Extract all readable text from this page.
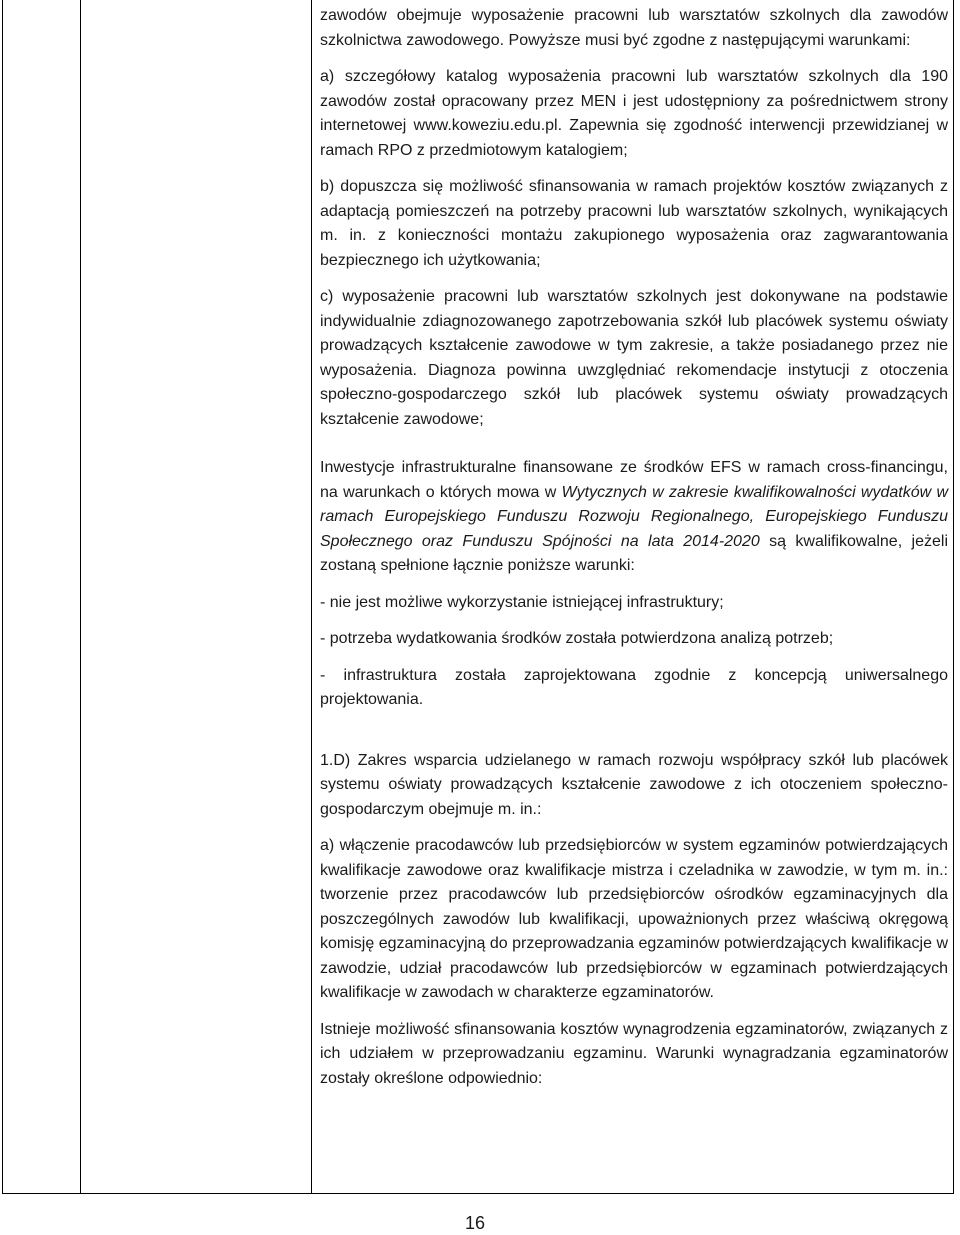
zawodów obejmuje wyposażenie pracowni lub warsztatów szkolnych dla zawodów szkolnictwa zawodowego. Powyższe musi być zgodne z następującymi warunkami:

a) szczegółowy katalog wyposażenia pracowni lub warsztatów szkolnych dla 190 zawodów został opracowany przez MEN i jest udostępniony za pośrednictwem strony internetowej www.koweziu.edu.pl. Zapewnia się zgodność interwencji przewidzianej w ramach RPO z przedmiotowym katalogiem;

b) dopuszcza się możliwość sfinansowania w ramach projektów kosztów związanych z adaptacją pomieszczeń na potrzeby pracowni lub warsztatów szkolnych, wynikających m. in. z konieczności montażu zakupionego wyposażenia oraz zagwarantowania bezpiecznego ich użytkowania;

c) wyposażenie pracowni lub warsztatów szkolnych jest dokonywane na podstawie indywidualnie zdiagnozowanego zapotrzebowania szkół lub placówek systemu oświaty prowadzących kształcenie zawodowe w tym zakresie, a także posiadanego przez nie wyposażenia. Diagnoza powinna uwzględniać rekomendacje instytucji z otoczenia społeczno-gospodarczego szkół lub placówek systemu oświaty prowadzących kształcenie zawodowe;

Inwestycje infrastrukturalne finansowane ze środków EFS w ramach cross-financingu, na warunkach o których mowa w Wytycznych w zakresie kwalifikowalności wydatków w ramach Europejskiego Funduszu Rozwoju Regionalnego, Europejskiego Funduszu Społecznego oraz Funduszu Spójności na lata 2014-2020 są kwalifikowalne, jeżeli zostaną spełnione łącznie poniższe warunki:

- nie jest możliwe wykorzystanie istniejącej infrastruktury;

- potrzeba wydatkowania środków została potwierdzona analizą potrzeb;

- infrastruktura została zaprojektowana zgodnie z koncepcją uniwersalnego projektowania.

1.D) Zakres wsparcia udzielanego w ramach rozwoju współpracy szkół lub placówek systemu oświaty prowadzących kształcenie zawodowe z ich otoczeniem społeczno-gospodarczym obejmuje m. in.:

a) włączenie pracodawców lub przedsiębiorców w system egzaminów potwierdzających kwalifikacje zawodowe oraz kwalifikacje mistrza i czeladnika w zawodzie, w tym m. in.: tworzenie przez pracodawców lub przedsiębiorców ośrodków egzaminacyjnych dla poszczególnych zawodów lub kwalifikacji, upoważnionych przez właściwą okręgową komisję egzaminacyjną do przeprowadzania egzaminów potwierdzających kwalifikacje w zawodzie, udział pracodawców lub przedsiębiorców w egzaminach potwierdzających kwalifikacje w zawodach w charakterze egzaminatorów.

Istnieje możliwość sfinansowania kosztów wynagrodzenia egzaminatorów, związanych z ich udziałem w przeprowadzaniu egzaminu. Warunki wynagradzania egzaminatorów zostały określone odpowiednio:

16
